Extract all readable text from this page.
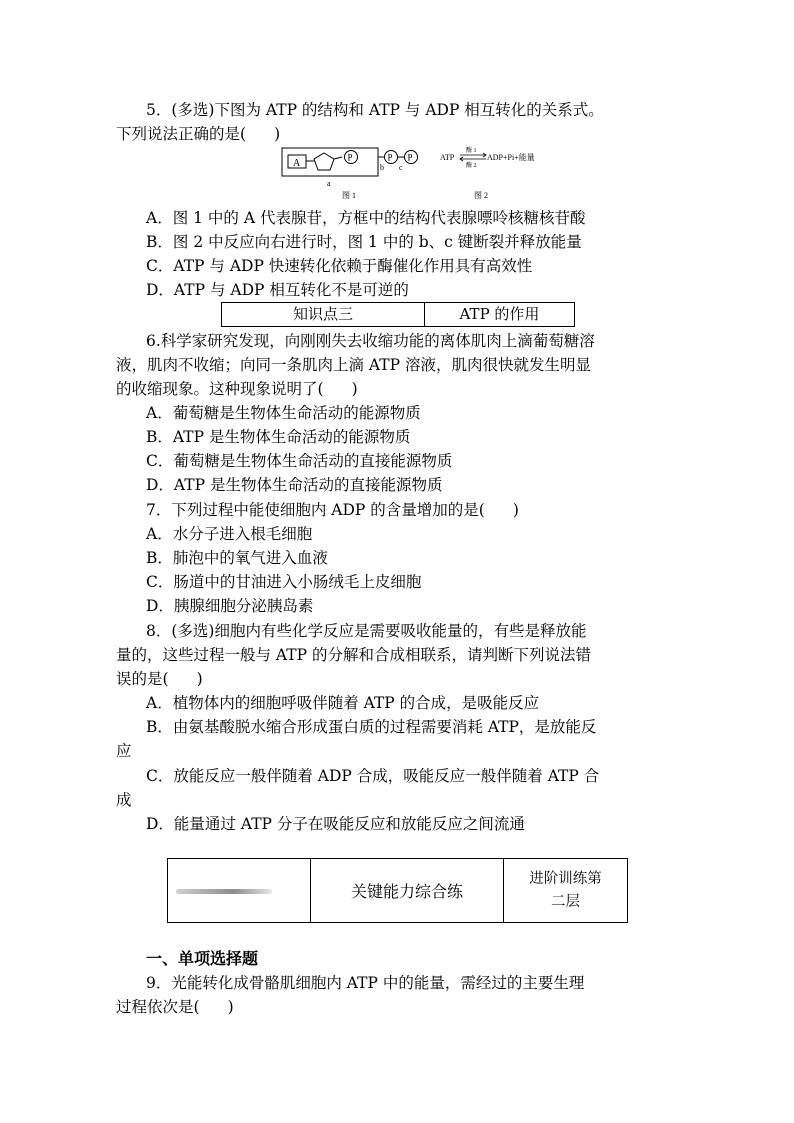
5．(多选)下图为 ATP 的结构和 ATP 与 ADP 相互转化的关系式。
下列说法正确的是( )
A
P	P P
a
b c
图 1
ATP
酶 1
酶 2
ADP+Pi+能量
图 2
A．图 1 中的 A 代表腺苷，方框中的结构代表腺嘌呤核糖核苷酸
B．图 2 中反应向右进行时，图 1 中的 b、c 键断裂并释放能量
C．ATP 与 ADP 快速转化依赖于酶催化作用具有高效性
D．ATP 与 ADP 相互转化不是可逆的
知识点三	ATP 的作用
6.科学家研究发现，向刚刚失去收缩功能的离体肌肉上滴葡萄糖溶
液，肌肉不收缩；向同一条肌肉上滴 ATP 溶液，肌肉很快就发生明显
的收缩现象。这种现象说明了( )
A．葡萄糖是生物体生命活动的能源物质
B．ATP 是生物体生命活动的能源物质
C．葡萄糖是生物体生命活动的直接能源物质
D．ATP 是生物体生命活动的直接能源物质
7．下列过程中能使细胞内 ADP 的含量增加的是( )
A．水分子进入根毛细胞
B．肺泡中的氧气进入血液
C．肠道中的甘油进入小肠绒毛上皮细胞
D．胰腺细胞分泌胰岛素
8．(多选)细胞内有些化学反应是需要吸收能量的，有些是释放能
量的，这些过程一般与 ATP 的分解和合成相联系，请判断下列说法错
误的是( )
A．植物体内的细胞呼吸伴随着 ATP 的合成，是吸能反应
B．由氨基酸脱水缩合形成蛋白质的过程需要消耗 ATP，是放能反
应
C．放能反应一般伴随着 ADP 合成，吸能反应一般伴随着 ATP 合
成
D．能量通过 ATP 分子在吸能反应和放能反应之间流通
关键能力综合练
进阶训练第
二层
一、单项选择题
9．光能转化成骨骼肌细胞内 ATP 中的能量，需经过的主要生理
过程依次是( )
